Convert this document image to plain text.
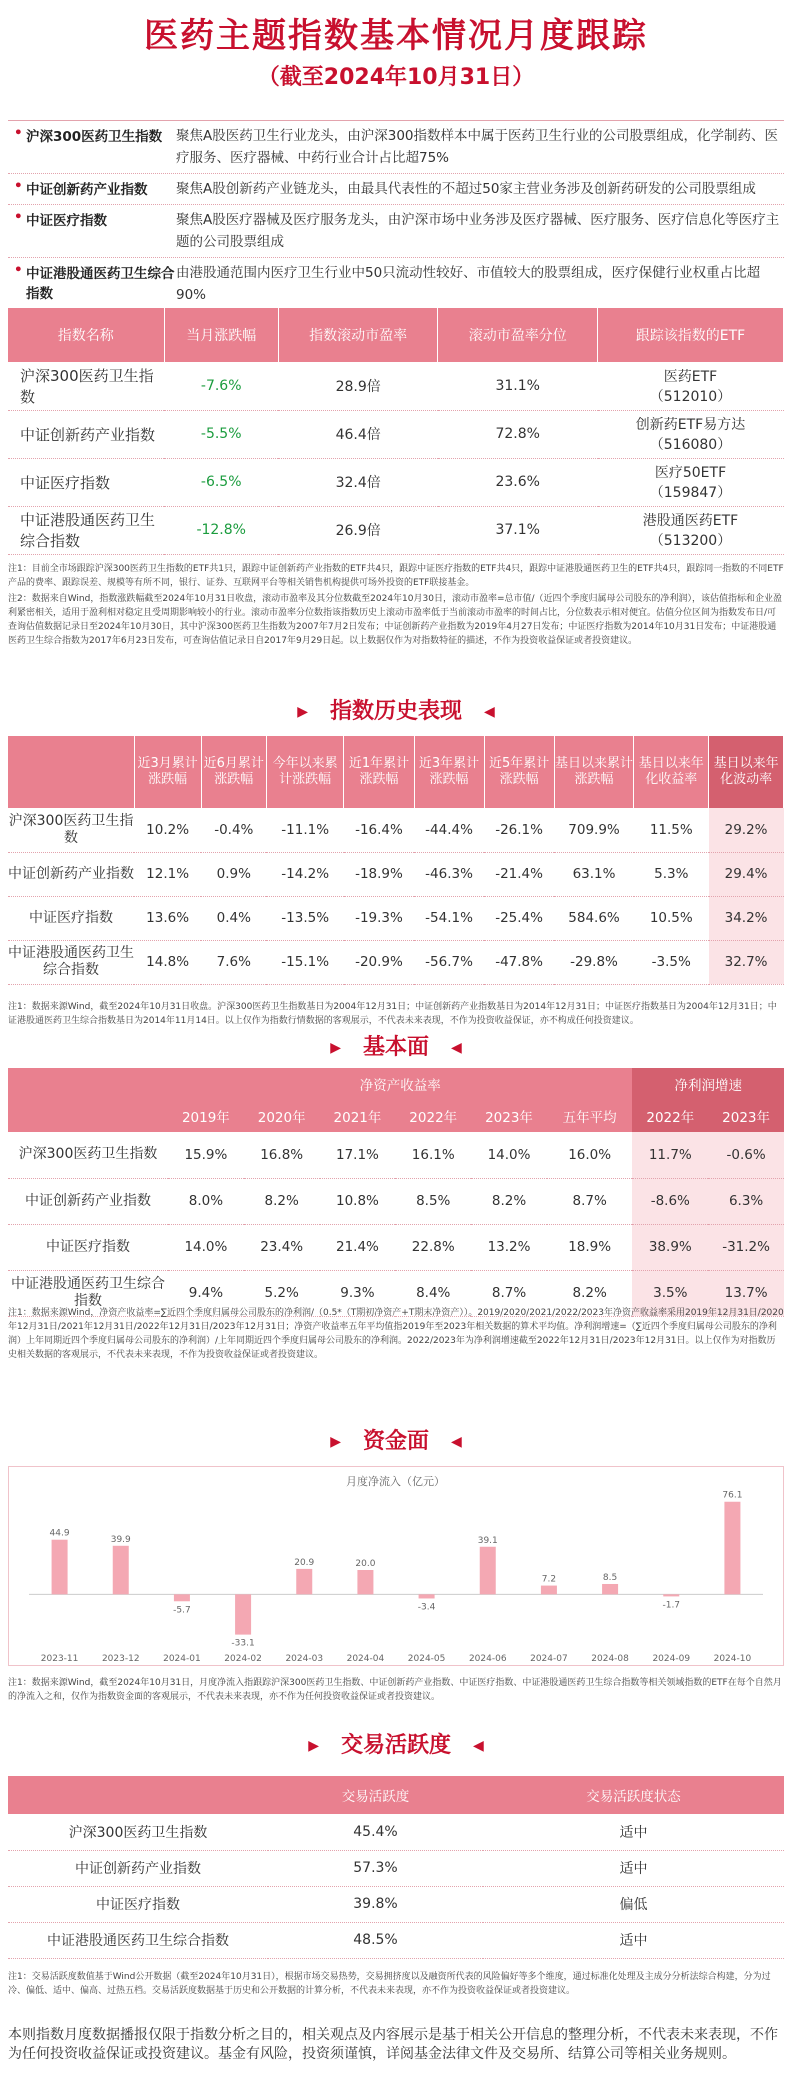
医药主题指数基本情况月度跟踪
（截至2024年10月31日）
• 沪深300医药卫生指数	聚焦A股医药卫生行业龙头，由沪深300指数样本中属于医药卫生行业的公司股票组成，化学制药、医疗服务、医疗器械、中药行业合计占比超75%
• 中证创新药产业指数	聚焦A股创新药产业链龙头，由最具代表性的不超过50家主营业务涉及创新药研发的公司股票组成
• 中证医疗指数	聚焦A股医疗器械及医疗服务龙头，由沪深市场中业务涉及医疗器械、医疗服务、医疗信息化等医疗主题的公司股票组成
• 中证港股通医药卫生综合指数
由港股通范围内医疗卫生行业中50只流动性较好、市值较大的股票组成，医疗保健行业权重占比超90%
指数名称	当月涨跌幅	指数滚动市盈率	滚动市盈率分位	跟踪该指数的ETF
沪深300医药卫生指数	-7.6%	28.9倍	31.1%	医药ETF
（512010）

中证创新药产业指数	-5.5%	46.4倍	72.8%	创新药ETF易方达
（516080）

中证医疗指数	-6.5%	32.4倍	23.6%	医疗50ETF
（159847）

中证港股通医药卫生综合指数	-12.8%	26.9倍	37.1%	港股通医药ETF
（513200）
注1：目前全市场跟踪沪深300医药卫生指数的ETF共1只，跟踪中证创新药产业指数的ETF共4只，跟踪中证医疗指数的ETF共4只，跟踪中证港股通医药卫生的ETF共4只，跟踪同一指数的不同ETF产品的费率、跟踪误差、规模等有所不同，银行、证券、互联网平台等相关销售机构提供可场外投资的ETF联接基金。
注2：数据来自Wind，指数涨跌幅截至2024年10月31日收盘，滚动市盈率及其分位数截至2024年10月30日，滚动市盈率=总市值/（近四个季度归属母公司股东的净利润），该估值指标和企业盈利紧密相关，适用于盈利相对稳定且受周期影响较小的行业。滚动市盈率分位数指该指数历史上滚动市盈率低于当前滚动市盈率的时间占比，分位数表示相对便宜。估值分位区间为指数发布日/可查询估值数据记录日至2024年10月30日，其中沪深300医药卫生指数为2007年7月2日发布；中证创新药产业指数为2019年4月27日发布；中证医疗指数为2014年10月31日发布；中证港股通医药卫生综合指数为2017年6月23日发布，可查询估值记录日自2017年9月29日起。以上数据仅作为对指数特征的描述，不作为投资收益保证或者投资建议。
▶ 指数历史表现 ◀
	近3月累计涨跌幅	近6月累计涨跌幅	今年以来累计涨跌幅	近1年累计涨跌幅	近3年累计涨跌幅	近5年累计涨跌幅	基日以来累计涨跌幅	基日以来年化收益率	基日以来年化波动率
沪深300医药卫生指数	10.2%	-0.4%	-11.1%	-16.4%	-44.4%	-26.1%	709.9%	11.5%	29.2%
中证创新药产业指数	12.1%	0.9%	-14.2%	-18.9%	-46.3%	-21.4%	63.1%	5.3%	29.4%
中证医疗指数	13.6%	0.4%	-13.5%	-19.3%	-54.1%	-25.4%	584.6%	10.5%	34.2%
中证港股通医药卫生综合指数	14.8%	7.6%	-15.1%	-20.9%	-56.7%	-47.8%	-29.8%	-3.5%	32.7%
注1：数据来源Wind，截至2024年10月31日收盘。沪深300医药卫生指数基日为2004年12月31日；中证创新药产业指数基日为2014年12月31日；中证医疗指数基日为2004年12月31日；中证港股通医药卫生综合指数基日为2014年11月14日。以上仅作为指数行情数据的客观展示，不代表未来表现，不作为投资收益保证，亦不构成任何投资建议。
▶ 基本面 ◀
	净资产收益率						净利润增速	
	2019年	2020年	2021年	2022年	2023年	五年平均	2022年	2023年
沪深300医药卫生指数	15.9%	16.8%	17.1%	16.1%	14.0%	16.0%	11.7%	-0.6%
中证创新药产业指数	8.0%	8.2%	10.8%	8.5%	8.2%	8.7%	-8.6%	6.3%
中证医疗指数	14.0%	23.4%	21.4%	22.8%	13.2%	18.9%	38.9%	-31.2%
中证港股通医药卫生综合指数	9.4%	5.2%	9.3%	8.4%	8.7%	8.2%	3.5%	13.7%
注1：数据来源Wind，净资产收益率=∑近四个季度归属母公司股东的净利润/（0.5*（T期初净资产+T期末净资产））。2019/2020/2021/2022/2023年净资产收益率采用2019年12月31日/2020年12月31日/2021年12月31日/2022年12月31日/2023年12月31日；净资产收益率五年平均值指2019年至2023年相关数据的算术平均值。净利润增速=（∑近四个季度归属母公司股东的净利润）上年同期近四个季度归属母公司股东的净利润）/上年同期近四个季度归属母公司股东的净利润。2022/2023年为净利润增速截至2022年12月31日/2023年12月31日。以上仅作为对指数历史相关数据的客观展示，不代表未来表现，不作为投资收益保证或者投资建议。
▶ 资金面 ◀
月度净流入（亿元）
44.9
2023-11
39.9
2023-12
-5.7
2024-01
-33.1
2024-02
20.9
2024-03
20.0
2024-04
-3.4
2024-05
39.1
2024-06
7.2
2024-07
8.5
2024-08
-1.7
2024-09
76.1
2024-10
注1：数据来源Wind，截至2024年10月31日，月度净流入指跟踪沪深300医药卫生指数、中证创新药产业指数、中证医疗指数、中证港股通医药卫生综合指数等相关领域指数的ETF在每个自然月的净流入之和，仅作为指数资金面的客观展示，不代表未来表现，亦不作为任何投资收益保证或者投资建议。
▶ 交易活跃度 ◀
	交易活跃度	交易活跃度状态
沪深300医药卫生指数	45.4%	适中
中证创新药产业指数	57.3%	适中
中证医疗指数	39.8%	偏低
中证港股通医药卫生综合指数	48.5%	适中
注1：交易活跃度数值基于Wind公开数据（截至2024年10月31日），根据市场交易热势，交易拥挤度以及融资所代表的风险偏好等多个维度，通过标准化处理及主成分分析法综合构建，分为过冷、偏低、适中、偏高、过热五档。交易活跃度数据基于历史和公开数据的计算分析，不代表未来表现，亦不作为投资收益保证或者投资建议。
本则指数月度数据播报仅限于指数分析之目的，相关观点及内容展示是基于相关公开信息的整理分析，不代表未来表现，不作为任何投资收益保证或投资建议。基金有风险，投资须谨慎，详阅基金法律文件及交易所、结算公司等相关业务规则。
